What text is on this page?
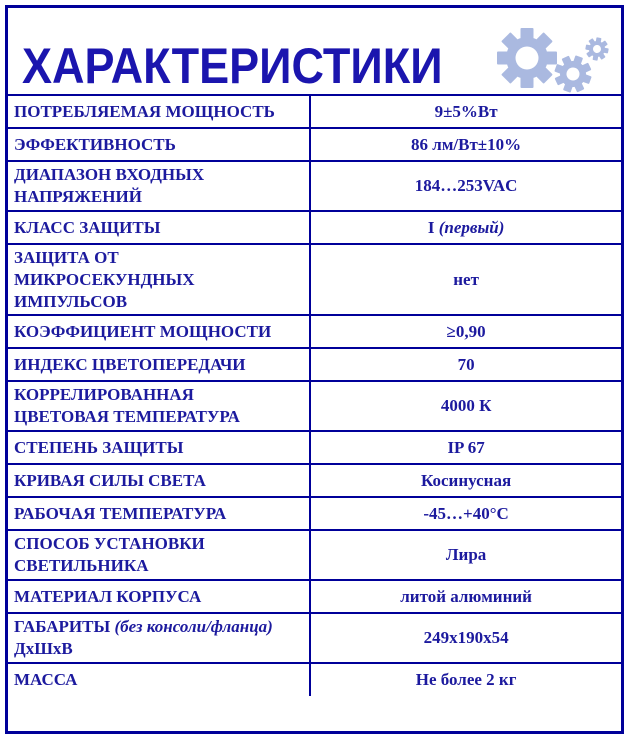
ХАРАКТЕРИСТИКИ
ПОТРЕБЛЯЕМАЯ МОЩНОСТЬ	9±5%Вт
ЭФФЕКТИВНОСТЬ	86 лм/Вт±10%

ДИАПАЗОН ВХОДНЫХ
НАПРЯЖЕНИЙ	184…253VAC
КЛАСС ЗАЩИТЫ	I (первый)

ЗАЩИТА ОТ
МИКРОСЕКУНДНЫХ
ИМПУЛЬСОВ	нет
КОЭФФИЦИЕНТ МОЩНОСТИ	≥0,90
ИНДЕКС ЦВЕТОПЕРЕДАЧИ	70

КОРРЕЛИРОВАННАЯ
ЦВЕТОВАЯ ТЕМПЕРАТУРА	4000 К
СТЕПЕНЬ ЗАЩИТЫ	IP 67
КРИВАЯ СИЛЫ СВЕТА	Косинусная
РАБОЧАЯ ТЕМПЕРАТУРА	-45…+40°C

СПОСОБ УСТАНОВКИ
СВЕТИЛЬНИКА	Лира
МАТЕРИАЛ КОРПУСА	литой алюминий

ГАБАРИТЫ (без консоли/фланца)
ДхШхВ	249x190x54
МАССА	Не более 2 кг
